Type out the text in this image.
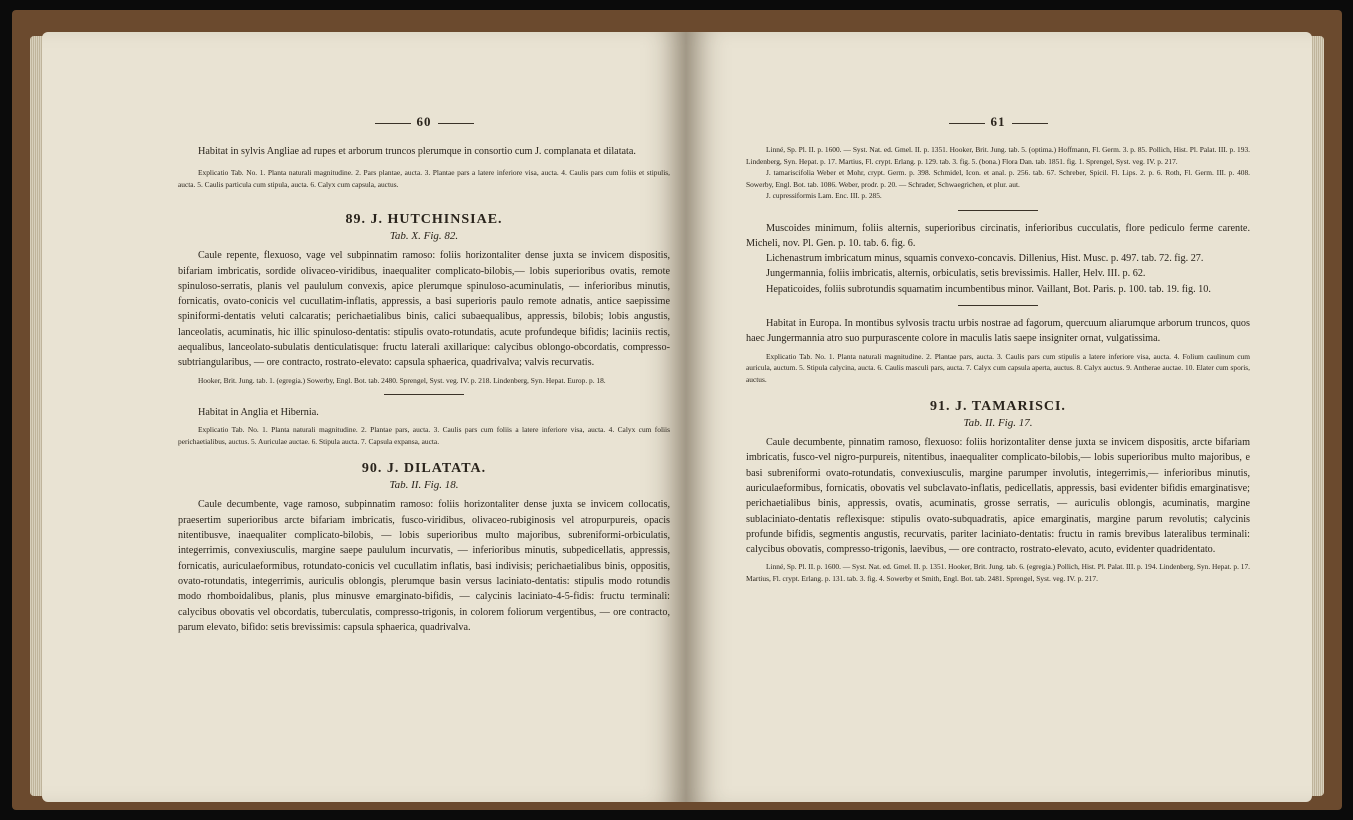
60

Habitat in sylvis Angliae ad rupes et arborum truncos plerumque in consortio cum J. complanata et dilatata.

Explicatio Tab. No. 1. Planta naturali magnitudine. 2. Pars plantae, aucta. 3. Plantae pars a latere inferiore visa, aucta. 4. Caulis pars cum foliis et stipulis, aucta. 5. Caulis particula cum stipula, aucta. 6. Calyx cum capsula, auctus.

89. J. HUTCHINSIAE.
Tab. X. Fig. 82.

Caule repente, flexuoso, vage vel subpinnatim ramoso: foliis horizontaliter dense juxta se invicem dispositis, bifariam imbricatis, sordide olivaceo-viridibus, inaequaliter complicato-bilobis,— lobis superioribus ovatis, remote spinuloso-serratis, planis vel paululum convexis, apice plerumque spinuloso-acuminulatis, — inferioribus minutis, fornicatis, ovato-conicis vel cucullatim-inflatis, appressis, a basi superioris paulo remote adnatis, antice saepissime spiniformi-dentatis veluti calcaratis; perichaetialibus binis, calici subaequalibus, appressis, bilobis; lobis angustis, lanceolatis, acuminatis, hic illic spinuloso-dentatis: stipulis ovato-rotundatis, acute profundeque bifidis; laciniis rectis, aequalibus, lanceolato-subulatis denticulatisque: fructu laterali axillarique: calycibus oblongo-obcordatis, compresso-subtriangularibus, — ore contracto, rostrato-elevato: capsula sphaerica, quadrivalva; valvis recurvatis.

Hooker, Brit. Jung. tab. 1. (egregia.) Sowerby, Engl. Bot. tab. 2480. Sprengel, Syst. veg. IV. p. 218. Lindenberg, Syn. Hepat. Europ. p. 18.

Habitat in Anglia et Hibernia.

Explicatio Tab. No. 1. Planta naturali magnitudine. 2. Plantae pars, aucta. 3. Caulis pars cum foliis a latere inferiore visa, aucta. 4. Calyx cum foliis perichaetialibus, auctus. 5. Auriculae auctae. 6. Stipula aucta. 7. Capsula expansa, aucta.

90. J. DILATATA.
Tab. II. Fig. 18.

Caule decumbente, vage ramoso, subpinnatim ramoso: foliis horizontaliter dense juxta se invicem collocatis, praesertim superioribus arcte bifariam imbricatis, fusco-viridibus, olivaceo-rubiginosis vel atropurpureis, opacis nitentibusve, inaequaliter complicato-bilobis, — lobis superioribus multo majoribus, subreniformi-orbiculatis, integerrimis, convexiusculis, margine saepe paululum incurvatis, — inferioribus minutis, subpedicellatis, appressis, fornicatis, auriculaeformibus, rotundato-conicis vel cucullatim inflatis, basi indivisis; perichaetialibus binis, oppositis, ovato-rotundatis, integerrimis, auriculis oblongis, plerumque basin versus laciniato-dentatis: stipulis modo rotundis modo rhomboidalibus, planis, plus minusve emarginato-bifidis, — calycinis laciniato-4-5-fidis: fructu terminali: calycibus obovatis vel obcordatis, tuberculatis, compresso-trigonis, in colorem foliorum vergentibus, — ore contracto, parum elevato, bifido: setis brevissimis: capsula sphaerica, quadrivalva.

61

Linné, Sp. Pl. II. p. 1600. — Syst. Nat. ed. Gmel. II. p. 1351. Hooker, Brit. Jung. tab. 5. (optima.) Hoffmann, Fl. Germ. 3. p. 85. Pollich, Hist. Pl. Palat. III. p. 193. Lindenberg, Syn. Hepat. p. 17. Martius, Fl. crypt. Erlang. p. 129. tab. 3. fig. 5. (bona.) Flora Dan. tab. 1851. fig. 1. Sprengel, Syst. veg. IV. p. 217.

J. tamariscifolia Weber et Mohr, crypt. Germ. p. 398. Schmidel, Icon. et anal. p. 256. tab. 67. Schreber, Spicil. Fl. Lips. 2. p. 6. Roth, Fl. Germ. III. p. 408. Sowerby, Engl. Bot. tab. 1086. Weber, prodr. p. 20. — Schrader, Schwaegrichen, et plur. aut.

J. cupressiformis Lam. Enc. III. p. 285.

Muscoides minimum, foliis alternis, superioribus circinatis, inferioribus cucculatis, flore pediculo ferme carente. Micheli, nov. Pl. Gen. p. 10. tab. 6. fig. 6.

Lichenastrum imbricatum minus, squamis convexo-concavis. Dillenius, Hist. Musc. p. 497. tab. 72. fig. 27.

Jungermannia, foliis imbricatis, alternis, orbiculatis, setis brevissimis. Haller, Helv. III. p. 62.

Hepaticoides, foliis subrotundis squamatim incumbentibus minor. Vaillant, Bot. Paris. p. 100. tab. 19. fig. 10.

Habitat in Europa. In montibus sylvosis tractu urbis nostrae ad fagorum, quercuum aliarumque arborum truncos, quos haec Jungermannia atro suo purpurascente colore in maculis latis saepe insigniter ornat, vulgatissima.

Explicatio Tab. No. 1. Planta naturali magnitudine. 2. Plantae pars, aucta. 3. Caulis pars cum stipulis a latere inferiore visa, aucta. 4. Folium caulinum cum auricula, auctum. 5. Stipula calycina, aucta. 6. Caulis masculi pars, aucta. 7. Calyx cum capsula aperta, auctus. 8. Calyx auctus. 9. Antherae auctae. 10. Elater cum sporis, auctus.

91. J. TAMARISCI.
Tab. II. Fig. 17.

Caule decumbente, pinnatim ramoso, flexuoso: foliis horizontaliter dense juxta se invicem dispositis, arcte bifariam imbricatis, fusco-vel nigro-purpureis, nitentibus, inaequaliter complicato-bilobis,— lobis superioribus multo majoribus, e basi subreniformi ovato-rotundatis, convexiusculis, margine parumper involutis, integerrimis,— inferioribus minutis, auriculaeformibus, fornicatis, obovatis vel subclavato-inflatis, pedicellatis, appressis, basi evidenter bifidis emarginatisve; perichaetialibus binis, appressis, ovatis, acuminatis, grosse serratis, — auriculis oblongis, acuminatis, margine sublaciniato-dentatis reflexisque: stipulis ovato-subquadratis, apice emarginatis, margine parum revolutis; calycinis profunde bifidis, segmentis angustis, recurvatis, pariter laciniato-dentatis: fructu in ramis brevibus lateralibus terminali: calycibus obovatis, compresso-trigonis, laevibus, — ore contracto, rostrato-elevato, acuto, evidenter quadridentato.

Linné, Sp. Pl. II. p. 1600. — Syst. Nat. ed. Gmel. II. p. 1351. Hooker, Brit. Jung. tab. 6. (egregia.) Pollich, Hist. Pl. Palat. III. p. 194. Lindenberg, Syn. Hepat. p. 17. Martius, Fl. crypt. Erlang. p. 131. tab. 3. fig. 4. Sowerby et Smith, Engl. Bot. tab. 2481. Sprengel, Syst. veg. IV. p. 217.
